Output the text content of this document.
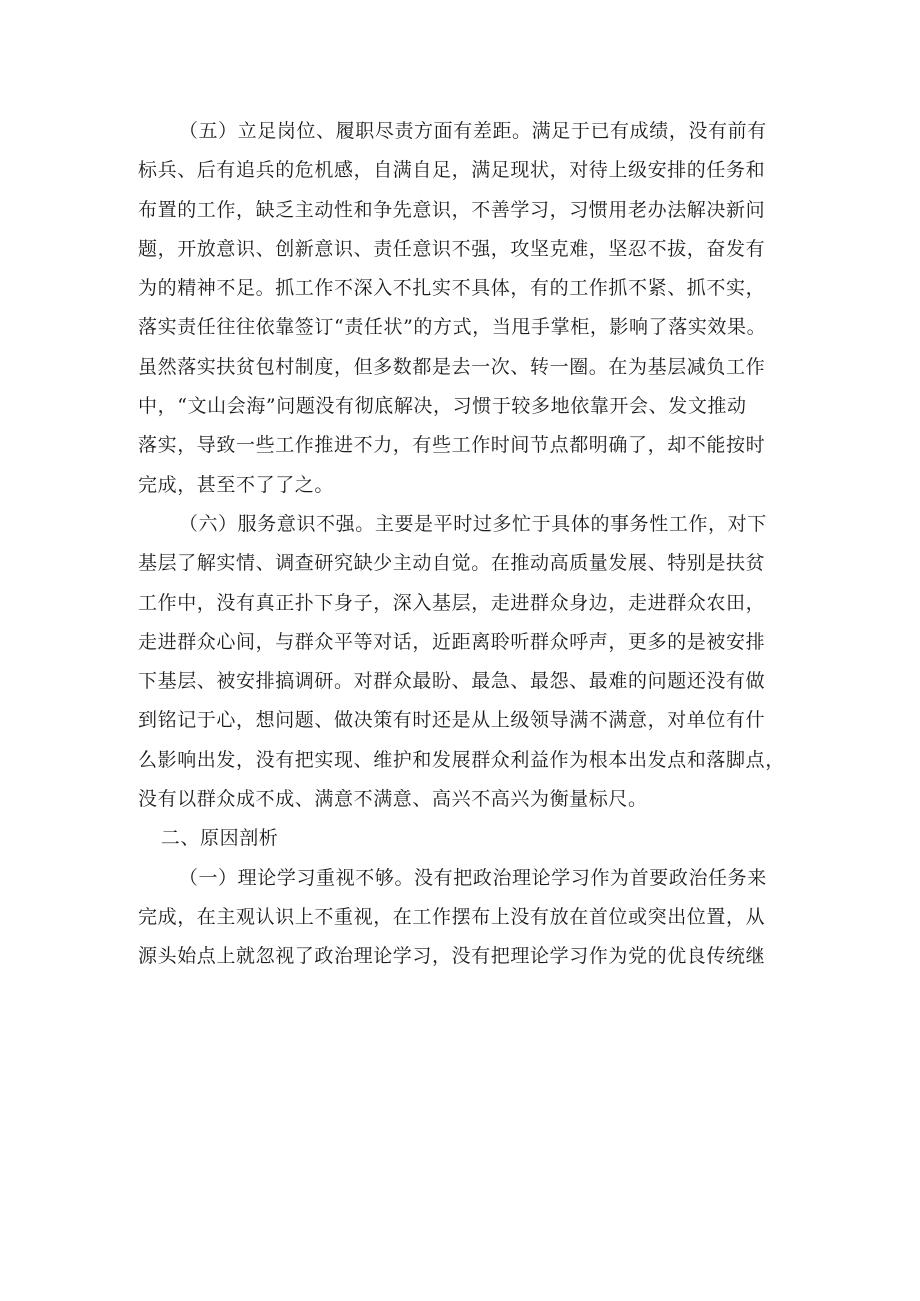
（五）立足岗位、履职尽责方面有差距。满足于已有成绩，没有前有
标兵、后有追兵的危机感，自满自足，满足现状，对待上级安排的任务和
布置的工作，缺乏主动性和争先意识，不善学习，习惯用老办法解决新问
题，开放意识、创新意识、责任意识不强，攻坚克难，坚忍不拔，奋发有
为的精神不足。抓工作不深入不扎实不具体，有的工作抓不紧、抓不实，
落实责任往往依靠签订“责任状”的方式，当甩手掌柜，影响了落实效果。
虽然落实扶贫包村制度，但多数都是去一次、转一圈。在为基层减负工作
中，“文山会海”问题没有彻底解决，习惯于较多地依靠开会、发文推动
落实，导致一些工作推进不力，有些工作时间节点都明确了，却不能按时
完成，甚至不了了之。

（六）服务意识不强。主要是平时过多忙于具体的事务性工作，对下
基层了解实情、调查研究缺少主动自觉。在推动高质量发展、特别是扶贫
工作中，没有真正扑下身子，深入基层，走进群众身边，走进群众农田，
走进群众心间，与群众平等对话，近距离聆听群众呼声，更多的是被安排
下基层、被安排搞调研。对群众最盼、最急、最怨、最难的问题还没有做
到铭记于心，想问题、做决策有时还是从上级领导满不满意，对单位有什
么影响出发，没有把实现、维护和发展群众利益作为根本出发点和落脚点，
没有以群众成不成、满意不满意、高兴不高兴为衡量标尺。

二、原因剖析

（一）理论学习重视不够。没有把政治理论学习作为首要政治任务来
完成，在主观认识上不重视，在工作摆布上没有放在首位或突出位置，从
源头始点上就忽视了政治理论学习，没有把理论学习作为党的优良传统继
